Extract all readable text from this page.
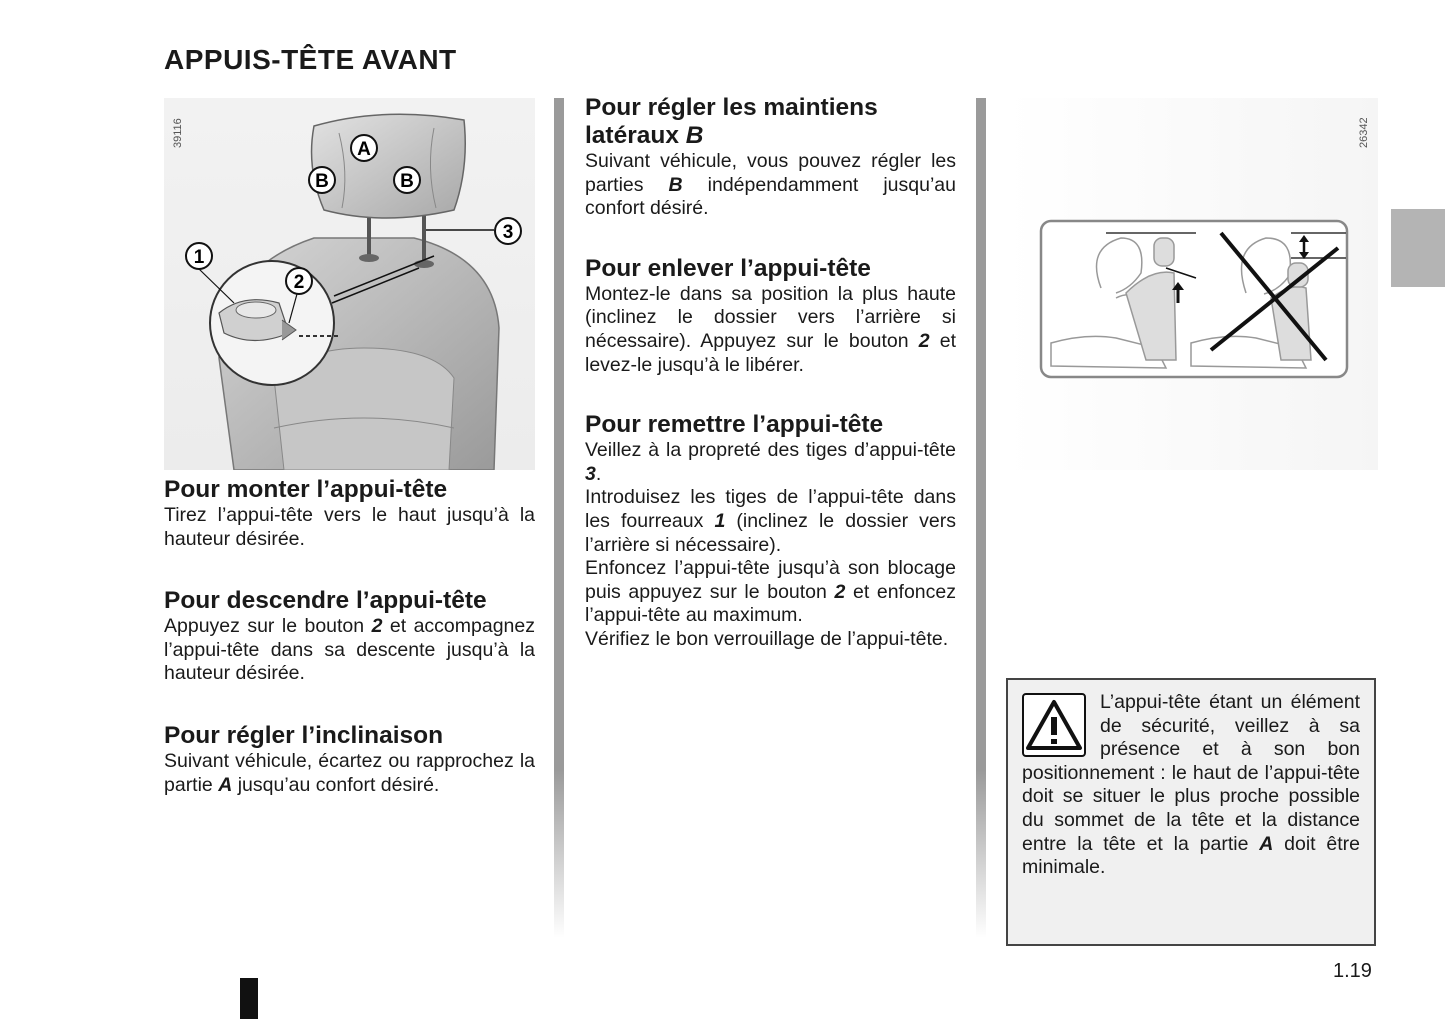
APPUIS-TÊTE AVANT
A
B	B
1
2
3
39116
Pour monter l’appui-tête

Tirez l’appui-tête vers le haut jusqu’à la hauteur désirée.

Pour descendre l’appui-tête

Appuyez sur le bouton 2 et accompagnez l’appui-tête dans sa descente jusqu’à la hauteur désirée.

Pour régler l’inclinaison

Suivant véhicule, écartez ou rapprochez la partie A jusqu’au confort désiré.

Pour régler les maintiens latéraux B

Suivant véhicule, vous pouvez régler les parties B indépendamment jusqu’au confort désiré.

Pour enlever l’appui-tête

Montez-le dans sa position la plus haute (inclinez le dossier vers l’arrière si nécessaire). Appuyez sur le bouton 2 et levez-le jusqu’à le libérer.

Pour remettre l’appui-tête

Veillez à la propreté des tiges d’appui-tête 3.
Introduisez les tiges de l’appui-tête dans les fourreaux 1 (inclinez le dossier vers l’arrière si nécessaire).
Enfoncez l’appui-tête jusqu’à son blocage puis appuyez sur le bouton 2 et enfoncez l’appui-tête au maximum.
Vérifiez le bon verrouillage de l’appui-tête.

26342

L’appui-tête étant un élément de sécurité, veillez à sa présence et à son bon positionnement : le haut de l’appui-tête doit se situer le plus proche possible du sommet de la tête et la distance entre la tête et la partie A doit être minimale.

1.19
